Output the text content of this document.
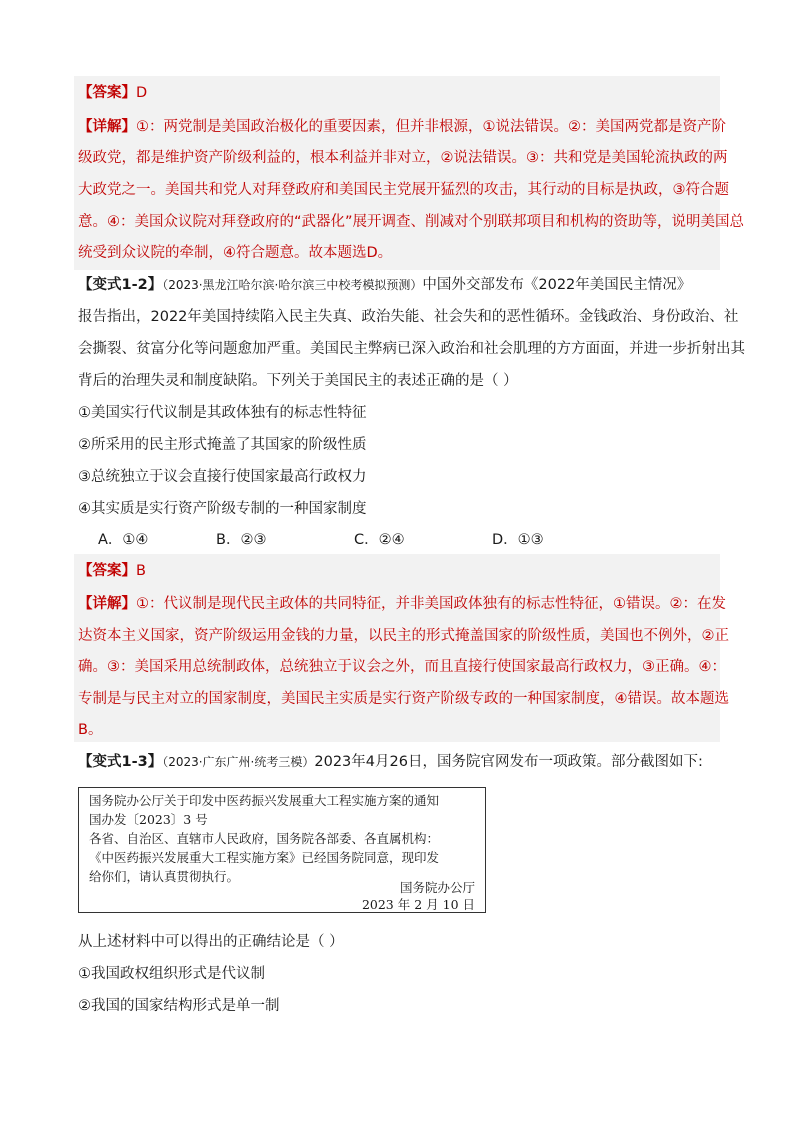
【答案】D
【详解】①：两党制是美国政治极化的重要因素，但并非根源，①说法错误。②：美国两党都是资产阶
级政党，都是维护资产阶级利益的，根本利益并非对立，②说法错误。③：共和党是美国轮流执政的两
大政党之一。美国共和党人对拜登政府和美国民主党展开猛烈的攻击，其行动的目标是执政，③符合题
意。④：美国众议院对拜登政府的“武器化”展开调查、削减对个别联邦项目和机构的资助等，说明美国总
统受到众议院的牵制，④符合题意。故本题选D。
【变式1-2】（2023·黑龙江哈尔滨·哈尔滨三中校考模拟预测）中国外交部发布《2022年美国民主情况》
报告指出，2022年美国持续陷入民主失真、政治失能、社会失和的恶性循环。金钱政治、身份政治、社
会撕裂、贫富分化等问题愈加严重。美国民主弊病已深入政治和社会肌理的方方面面，并进一步折射出其
背后的治理失灵和制度缺陷。下列关于美国民主的表述正确的是（ ）
①美国实行代议制是其政体独有的标志性特征
②所采用的民主形式掩盖了其国家的阶级性质
③总统独立于议会直接行使国家最高行政权力
④其实质是实行资产阶级专制的一种国家制度
A．①④	B．②③	C．②④	D．①③
【答案】B
【详解】①：代议制是现代民主政体的共同特征，并非美国政体独有的标志性特征，①错误。②：在发
达资本主义国家，资产阶级运用金钱的力量，以民主的形式掩盖国家的阶级性质，美国也不例外，②正
确。③：美国采用总统制政体，总统独立于议会之外，而且直接行使国家最高行政权力，③正确。④：
专制是与民主对立的国家制度，美国民主实质是实行资产阶级专政的一种国家制度，④错误。故本题选
B。
【变式1-3】（2023·广东广州·统考三模）2023年4月26日，国务院官网发布一项政策。部分截图如下:
国务院办公厅关于印发中医药振兴发展重大工程实施方案的通知
国办发〔2023〕3 号
各省、自治区、直辖市人民政府，国务院各部委、各直属机构：
《中医药振兴发展重大工程实施方案》已经国务院同意，现印发
给你们，请认真贯彻执行。
国务院办公厅
2023 年 2 月 10 日
从上述材料中可以得出的正确结论是（ ）
①我国政权组织形式是代议制
②我国的国家结构形式是单一制
